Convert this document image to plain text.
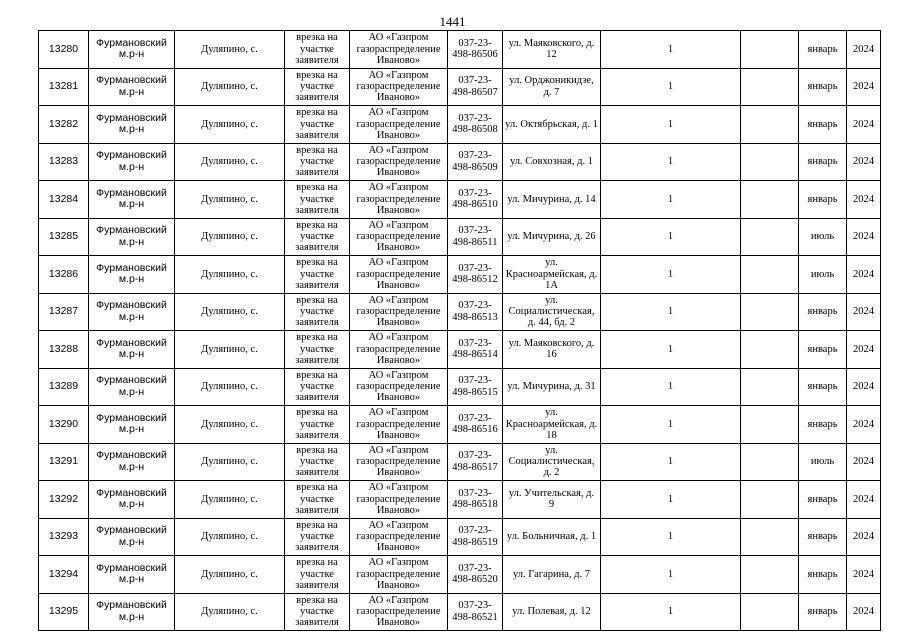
1441
13280	Фурмановский м.р-н	Дуляпино, с.	врезка на участке заявителя	АО «Газпром газораспределение Иваново»	037-23-498-86506	ул. Маяковского, д. 12	1		январь	2024
13281	Фурмановский м.р-н	Дуляпино, с.	врезка на участке заявителя	АО «Газпром газораспределение Иваново»	037-23-498-86507	ул. Орджоникидзе, д. 7	1		январь	2024
13282	Фурмановский м.р-н	Дуляпино, с.	врезка на участке заявителя	АО «Газпром газораспределение Иваново»	037-23-498-86508	ул. Октябрьская, д. 1	1		январь	2024
13283	Фурмановский м.р-н	Дуляпино, с.	врезка на участке заявителя	АО «Газпром газораспределение Иваново»	037-23-498-86509	ул. Совхозная, д. 1	1		январь	2024
13284	Фурмановский м.р-н	Дуляпино, с.	врезка на участке заявителя	АО «Газпром газораспределение Иваново»	037-23-498-86510	ул. Мичурина, д. 14	1		январь	2024
13285	Фурмановский м.р-н	Дуляпино, с.	врезка на участке заявителя	АО «Газпром газораспределение Иваново»	037-23-498-86511	ул. Мичурина, д. 26	1		июль	2024
13286	Фурмановский м.р-н	Дуляпино, с.	врезка на участке заявителя	АО «Газпром газораспределение Иваново»	037-23-498-86512	ул. Красноармейская, д. 1А	1		июль	2024
13287	Фурмановский м.р-н	Дуляпино, с.	врезка на участке заявителя	АО «Газпром газораспределение Иваново»	037-23-498-86513	ул. Социалистическая, д. 44, бд. 2	1		январь	2024
13288	Фурмановский м.р-н	Дуляпино, с.	врезка на участке заявителя	АО «Газпром газораспределение Иваново»	037-23-498-86514	ул. Маяковского, д. 16	1		январь	2024
13289	Фурмановский м.р-н	Дуляпино, с.	врезка на участке заявителя	АО «Газпром газораспределение Иваново»	037-23-498-86515	ул. Мичурина, д. 31	1		январь	2024
13290	Фурмановский м.р-н	Дуляпино, с.	врезка на участке заявителя	АО «Газпром газораспределение Иваново»	037-23-498-86516	ул. Красноармейская, д. 18	1		январь	2024
13291	Фурмановский м.р-н	Дуляпино, с.	врезка на участке заявителя	АО «Газпром газораспределение Иваново»	037-23-498-86517	ул. Социалистическая, д. 2	1		июль	2024
13292	Фурмановский м.р-н	Дуляпино, с.	врезка на участке заявителя	АО «Газпром газораспределение Иваново»	037-23-498-86518	ул. Учительская, д. 9	1		январь	2024
13293	Фурмановский м.р-н	Дуляпино, с.	врезка на участке заявителя	АО «Газпром газораспределение Иваново»	037-23-498-86519	ул. Больничная, д. 1	1		январь	2024
13294	Фурмановский м.р-н	Дуляпино, с.	врезка на участке заявителя	АО «Газпром газораспределение Иваново»	037-23-498-86520	ул. Гагарина, д. 7	1		январь	2024
13295	Фурмановский м.р-н	Дуляпино, с.	врезка на участке заявителя	АО «Газпром газораспределение Иваново»	037-23-498-86521	ул. Полевая, д. 12	1		январь	2024
